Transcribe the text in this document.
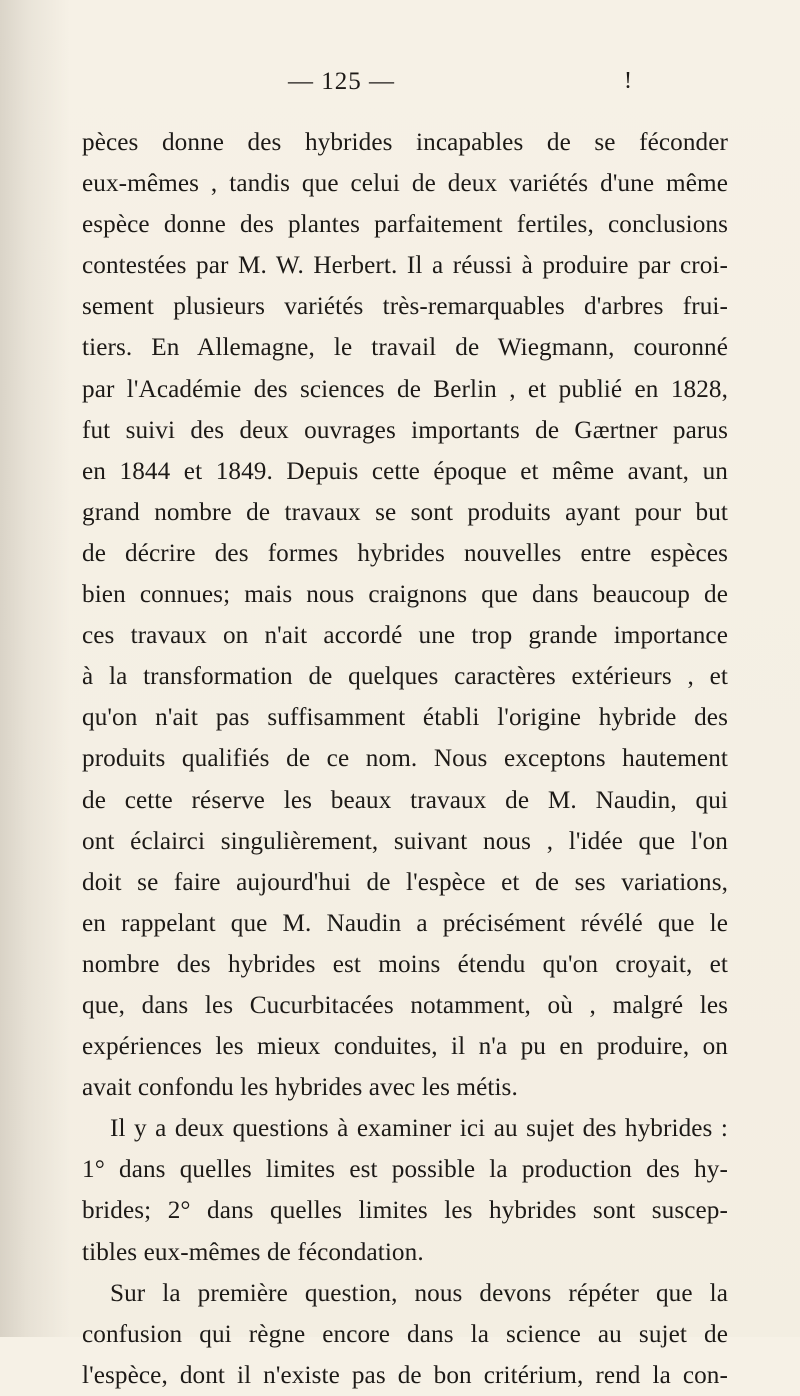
— 125 —	!
pèces donne des hybrides incapables de se féconder
eux-mêmes , tandis que celui de deux variétés d'une même
espèce donne des plantes parfaitement fertiles, conclusions
contestées par M. W. Herbert. Il a réussi à produire par croi-
sement plusieurs variétés très-remarquables d'arbres frui-
tiers. En Allemagne, le travail de Wiegmann, couronné
par l'Académie des sciences de Berlin , et publié en 1828,
fut suivi des deux ouvrages importants de Gærtner parus
en 1844 et 1849. Depuis cette époque et même avant, un
grand nombre de travaux se sont produits ayant pour but
de décrire des formes hybrides nouvelles entre espèces
bien connues; mais nous craignons que dans beaucoup de
ces travaux on n'ait accordé une trop grande importance
à la transformation de quelques caractères extérieurs , et
qu'on n'ait pas suffisamment établi l'origine hybride des
produits qualifiés de ce nom. Nous exceptons hautement
de cette réserve les beaux travaux de M. Naudin, qui
ont éclairci singulièrement, suivant nous , l'idée que l'on
doit se faire aujourd'hui de l'espèce et de ses variations,
en rappelant que M. Naudin a précisément révélé que le
nombre des hybrides est moins étendu qu'on croyait, et
que, dans les Cucurbitacées notamment, où , malgré les
expériences les mieux conduites, il n'a pu en produire, on
avait confondu les hybrides avec les métis.
Il y a deux questions à examiner ici au sujet des hybrides :
1° dans quelles limites est possible la production des hy-
brides; 2° dans quelles limites les hybrides sont suscep-
tibles eux-mêmes de fécondation.
Sur la première question, nous devons répéter que la
confusion qui règne encore dans la science au sujet de
l'espèce, dont il n'existe pas de bon critérium, rend la con-
